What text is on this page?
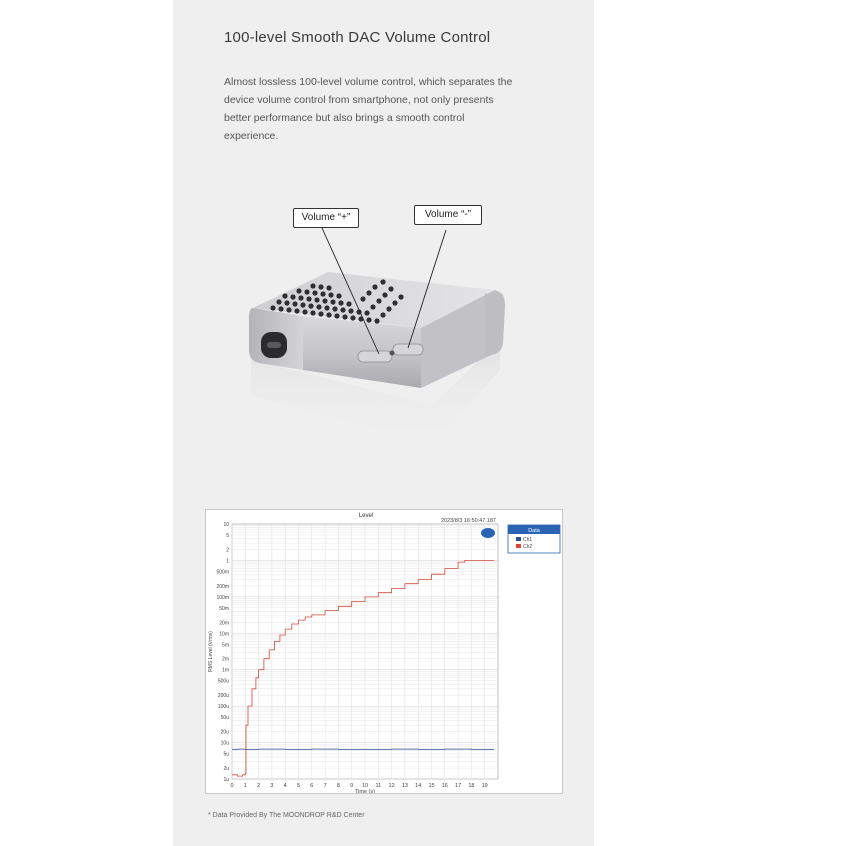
100-level Smooth DAC Volume Control

Almost lossless 100-level volume control, which separates the
device volume control from smartphone, not only presents
better performance but also brings a smooth control
experience.

Volume “+”	Volume “-”
0 1 2 3 4 5 6 7 8 9 10 11 12 13 14 15 16 17 18 19
10
5
2
1
500m
200m
100m
50m
20m
10m
5m
2m
1m
500u
200u
100u
50u
20u
10u
5u
2u
1u
Level
2023/8/3 16:50:47.187
Time (s)
RMS Level (Vrms)
Data
Ch1
Ch2
* Data Provided By The MOONDROP R&D Center
